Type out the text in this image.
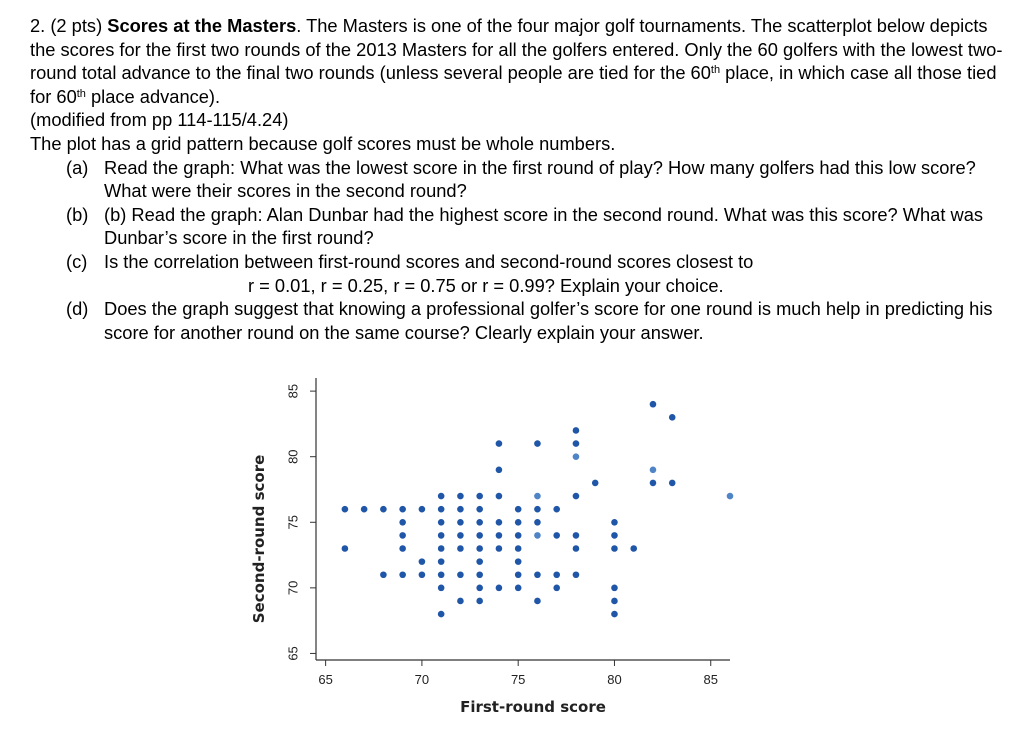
2. (2 pts) Scores at the Masters. The Masters is one of the four major golf tournaments. The scatterplot below depicts the scores for the first two rounds of the 2013 Masters for all the golfers entered. Only the 60 golfers with the lowest two-round total advance to the final two rounds (unless several people are tied for the 60th place, in which case all those tied for 60th place advance).

(modified from pp 114-115/4.24)

The plot has a grid pattern because golf scores must be whole numbers.

(a) Read the graph: What was the lowest score in the first round of play? How many golfers had this low score? What were their scores in the second round?
(b) (b) Read the graph: Alan Dunbar had the highest score in the second round. What was this score? What was Dunbar’s score in the first round?
(c) Is the correlation between first-round scores and second-round scores closest to
r = 0.01, r = 0.25, r = 0.75 or r = 0.99? Explain your choice.
(d) Does the graph suggest that knowing a professional golfer’s score for one round is much help in predicting his score for another round on the same course? Clearly explain your answer.
65	70	75	80	85
65
70
75
80
85
First-round score
Second-round score
